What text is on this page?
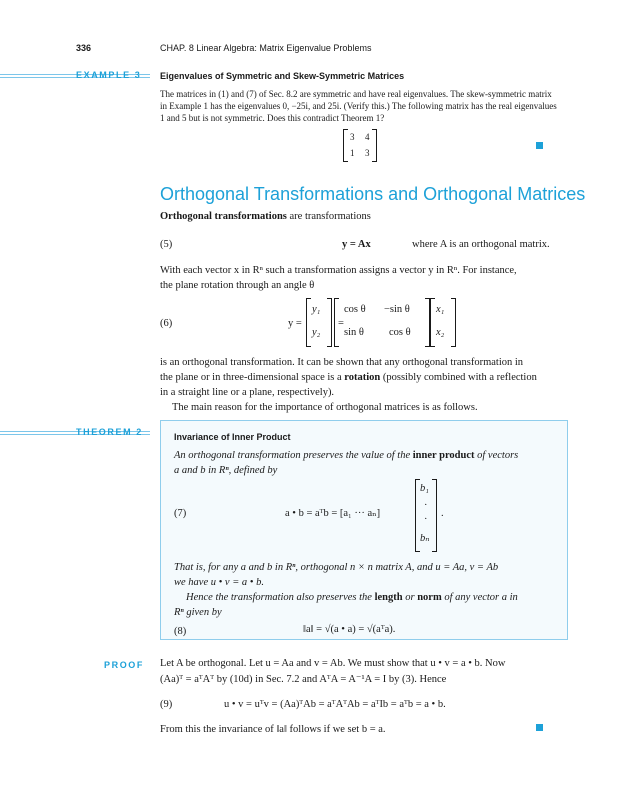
336	CHAP. 8 Linear Algebra: Matrix Eigenvalue Problems
EXAMPLE 3 Eigenvalues of Symmetric and Skew-Symmetric Matrices
The matrices in (1) and (7) of Sec. 8.2 are symmetric and have real eigenvalues. The skew-symmetric matrix
in Example 1 has the eigenvalues 0, −25i, and 25i. (Verify this.) The following matrix has the real eigenvalues
1 and 5 but is not symmetric. Does this contradict Theorem 1?
3 4
1 3
Orthogonal Transformations and Orthogonal Matrices
Orthogonal transformations are transformations
(5)	y = Ax	where A is an orthogonal matrix.
With each vector x in Rⁿ such a transformation assigns a vector y in Rⁿ. For instance,
the plane rotation through an angle θ
(6)	y =
y₁
y₂
=
cos θ −sin θ
sin θ cos θ
x₁
x₂
is an orthogonal transformation. It can be shown that any orthogonal transformation in
the plane or in three-dimensional space is a rotation (possibly combined with a reflection
in a straight line or a plane, respectively).
The main reason for the importance of orthogonal matrices is as follows.
THEOREM 2	Invariance of Inner Product
An orthogonal transformation preserves the value of the inner product of vectors
a and b in Rⁿ, defined by
(7)	a • b = aᵀb = [a₁ ··· aₙ]
b₁
·
·
bₙ
.
That is, for any a and b in Rⁿ, orthogonal n × n matrix A, and u = Aa, v = Ab
we have u • v = a • b.
Hence the transformation also preserves the length or norm of any vector a in
Rⁿ given by
(8)	‖a‖ = √(a • a) = √(aᵀa).
PROOF Let A be orthogonal. Let u = Aa and v = Ab. We must show that u • v = a • b. Now
(Aa)ᵀ = aᵀAᵀ by (10d) in Sec. 7.2 and AᵀA = A⁻¹A = I by (3). Hence
(9)	u • v = uᵀv = (Aa)ᵀAb = aᵀAᵀAb = aᵀIb = aᵀb = a • b.
From this the invariance of ‖a‖ follows if we set b = a.
